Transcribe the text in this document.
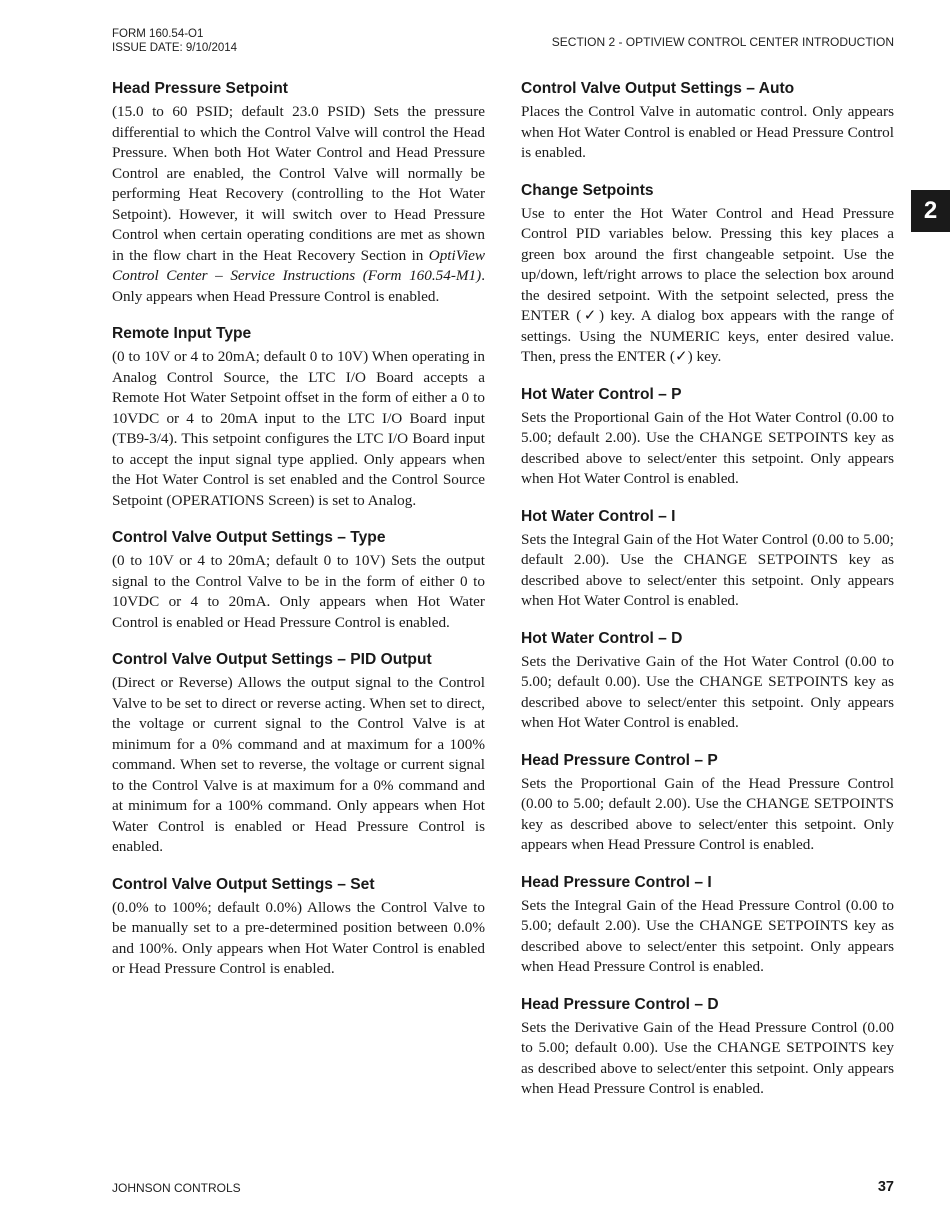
FORM 160.54-O1
ISSUE DATE: 9/10/2014	SECTION 2 - OPTIVIEW CONTROL CENTER INTRODUCTION
2
Head Pressure Setpoint

(15.0 to 60 PSID; default 23.0 PSID) Sets the pressure differential to which the Control Valve will control the Head Pressure. When both Hot Water Control and Head Pressure Control are enabled, the Control Valve will normally be performing Heat Recovery (controlling to the Hot Water Setpoint). However, it will switch over to Head Pressure Control when certain operating conditions are met as shown in the flow chart in the Heat Recovery Section in OptiView Control Center – Service Instructions (Form 160.54-M1). Only appears when Head Pressure Control is enabled.

Remote Input Type

(0 to 10V or 4 to 20mA; default 0 to 10V) When operating in Analog Control Source, the LTC I/O Board accepts a Remote Hot Water Setpoint offset in the form of either a 0 to 10VDC or 4 to 20mA input to the LTC I/O Board input (TB9-3/4). This setpoint configures the LTC I/O Board input to accept the input signal type applied. Only appears when the Hot Water Control is set enabled and the Control Source Setpoint (OPERATIONS Screen) is set to Analog.

Control Valve Output Settings – Type

(0 to 10V or 4 to 20mA; default 0 to 10V) Sets the output signal to the Control Valve to be in the form of either 0 to 10VDC or 4 to 20mA. Only appears when Hot Water Control is enabled or Head Pressure Control is enabled.

Control Valve Output Settings – PID Output

(Direct or Reverse) Allows the output signal to the Control Valve to be set to direct or reverse acting. When set to direct, the voltage or current signal to the Control Valve is at minimum for a 0% command and at maximum for a 100% command. When set to reverse, the voltage or current signal to the Control Valve is at maximum for a 0% command and at minimum for a 100% command. Only appears when Hot Water Control is enabled or Head Pressure Control is enabled.

Control Valve Output Settings – Set

(0.0% to 100%; default 0.0%) Allows the Control Valve to be manually set to a pre-determined position between 0.0% and 100%. Only appears when Hot Water Control is enabled or Head Pressure Control is enabled.

Control Valve Output Settings – Auto

Places the Control Valve in automatic control. Only appears when Hot Water Control is enabled or Head Pressure Control is enabled.

Change Setpoints

Use to enter the Hot Water Control and Head Pressure Control PID variables below. Pressing this key places a green box around the first changeable setpoint. Use the up/down, left/right arrows to place the selection box around the desired setpoint. With the setpoint selected, press the ENTER (✓) key. A dialog box appears with the range of settings. Using the NUMERIC keys, enter desired value. Then, press the ENTER (✓) key.

Hot Water Control – P

Sets the Proportional Gain of the Hot Water Control (0.00 to 5.00; default 2.00). Use the CHANGE SETPOINTS key as described above to select/enter this setpoint. Only appears when Hot Water Control is enabled.

Hot Water Control – I

Sets the Integral Gain of the Hot Water Control (0.00 to 5.00; default 2.00). Use the CHANGE SETPOINTS key as described above to select/enter this setpoint. Only appears when Hot Water Control is enabled.

Hot Water Control – D

Sets the Derivative Gain of the Hot Water Control (0.00 to 5.00; default 0.00). Use the CHANGE SETPOINTS key as described above to select/enter this setpoint. Only appears when Hot Water Control is enabled.

Head Pressure Control – P

Sets the Proportional Gain of the Head Pressure Control (0.00 to 5.00; default 2.00). Use the CHANGE SETPOINTS key as described above to select/enter this setpoint. Only appears when Head Pressure Control is enabled.

Head Pressure Control – I

Sets the Integral Gain of the Head Pressure Control (0.00 to 5.00; default 2.00). Use the CHANGE SETPOINTS key as described above to select/enter this setpoint. Only appears when Head Pressure Control is enabled.

Head Pressure Control – D

Sets the Derivative Gain of the Head Pressure Control (0.00 to 5.00; default 0.00). Use the CHANGE SETPOINTS key as described above to select/enter this setpoint. Only appears when Head Pressure Control is enabled.

JOHNSON CONTROLS	37
